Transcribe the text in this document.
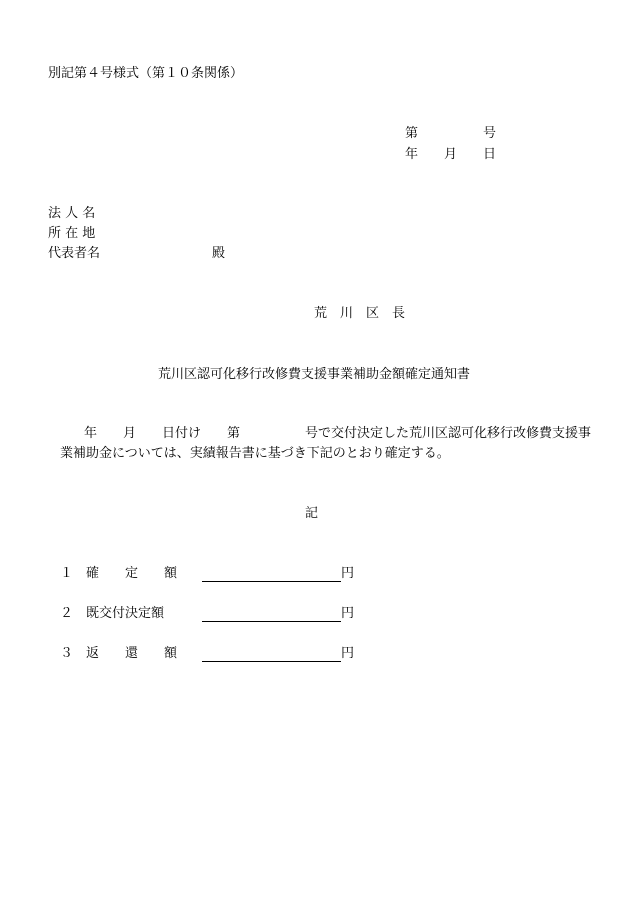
別記第４号様式（第１０条関係）
第　　　　　号
年　　月　　日
法 人 名
所 在 地
代表者名	殿
荒　川　区　長
荒川区認可化移行改修費支援事業補助金額確定通知書
年　　月　　日付け　　第　　　　　号で交付決定した荒川区認可化移行改修費支援事
業補助金については、実績報告書に基づき下記のとおり確定する。
記
１ 確　　定　　額	円
２ 既交付決定額	円
３ 返　　還　　額	円
